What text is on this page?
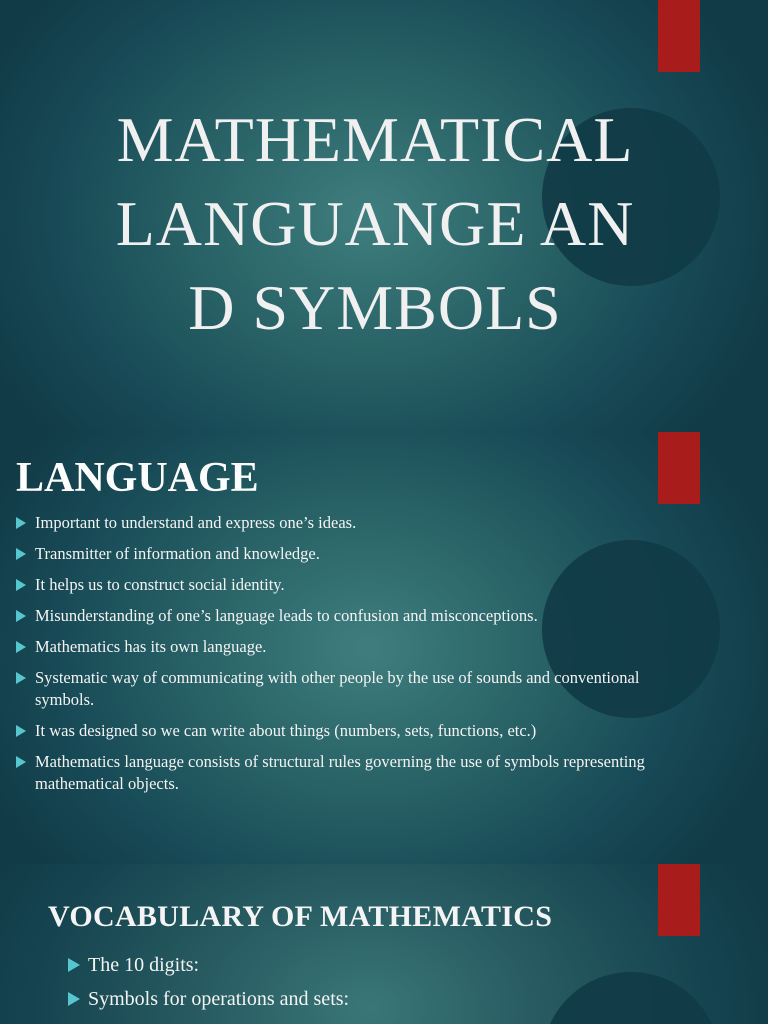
MATHEMATICAL LANGUANGE AND SYMBOLS
LANGUAGE
Important to understand and express one’s ideas.
Transmitter of information and knowledge.
It helps us to construct social identity.
Misunderstanding of one’s language leads to confusion and misconceptions.
Mathematics has its own language.
Systematic way of communicating with other people by the use of sounds and conventional symbols.
It was designed so we can write about things (numbers, sets, functions, etc.)
Mathematics language consists of structural rules governing the use of symbols representing mathematical objects.
VOCABULARY OF MATHEMATICS
The 10 digits:
Symbols for operations and sets:
